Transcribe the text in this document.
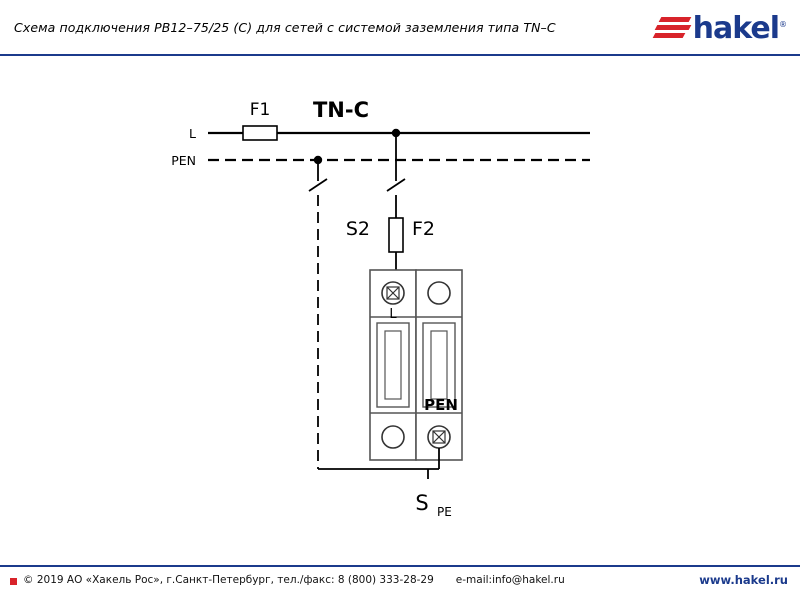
Схема подключения PB12–75/25 (C) для сетей с системой заземления типа TN–C	hakel®
TN-C
F1
L
PEN
S2 F2
L
PEN
S PE
© 2019 АО «Хакель Рос», г.Санкт-Петербург, тел./факс: 8 (800) 333-28-29 e-mail:info@hakel.ru	www.hakel.ru
